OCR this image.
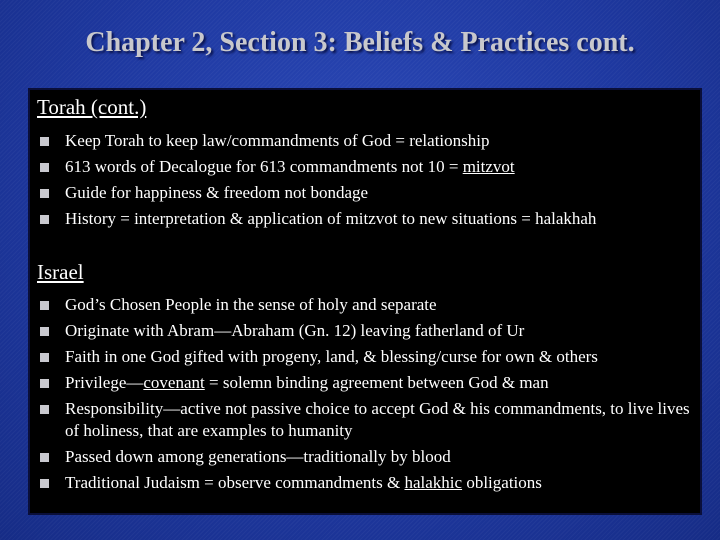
Chapter 2, Section 3: Beliefs & Practices cont.
Torah (cont.)
Keep Torah to keep law/commandments of God = relationship
613 words of Decalogue for 613 commandments not 10 = mitzvot
Guide for happiness & freedom not bondage
History = interpretation & application of mitzvot to new situations = halakhah
Israel
God’s Chosen People in the sense of holy and separate
Originate with Abram—Abraham (Gn. 12) leaving fatherland of Ur
Faith in one God gifted with progeny, land, & blessing/curse for own & others
Privilege—covenant = solemn binding agreement between God & man
Responsibility—active not passive choice to accept God & his commandments, to live lives of holiness, that are examples to humanity
Passed down among generations—traditionally by blood
Traditional Judaism = observe commandments & halakhic obligations
